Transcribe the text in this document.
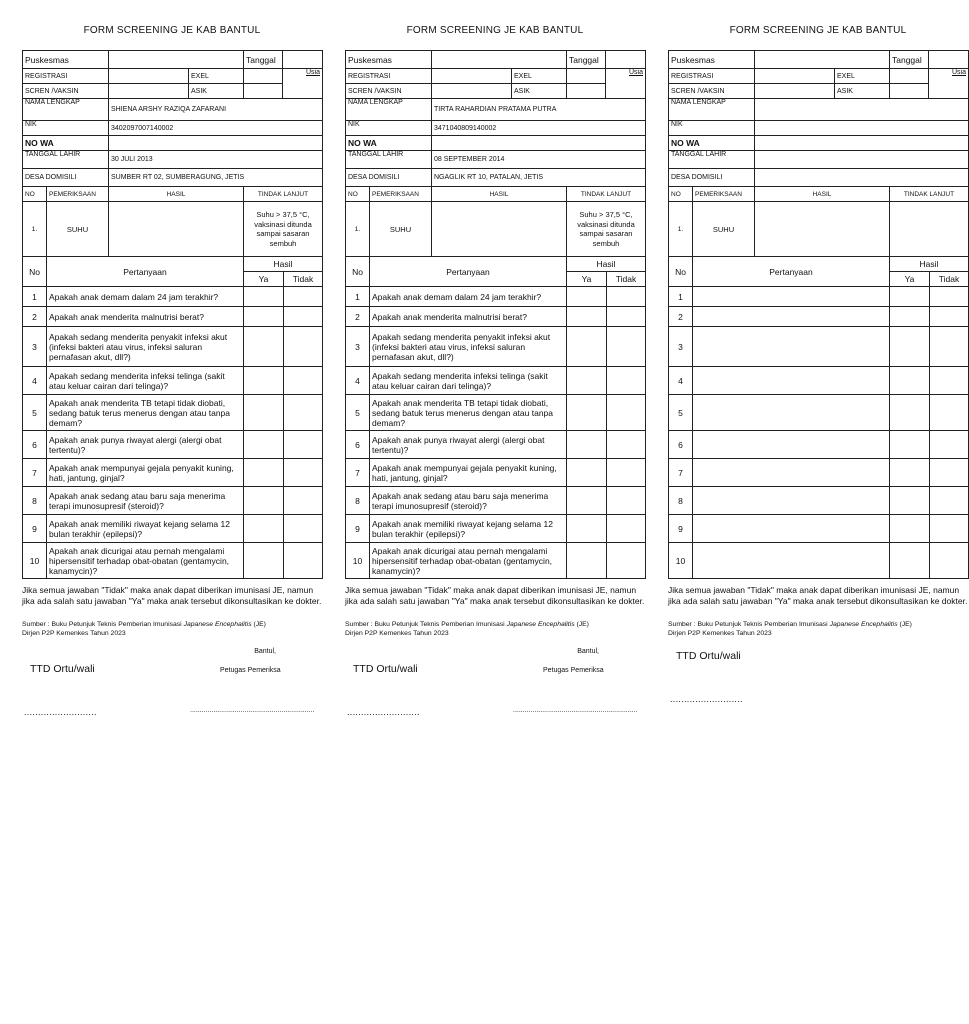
FORM SCREENING JE KAB BANTUL
Puskesmas			Tanggal	
REGISTRASI		EXEL		Usia
SCREN /VAKSIN		ASIK		
NAMA LENGKAP	SHIENA ARSHY RAZIQA ZAFARANI			
NIK	3402097007140002			
NO WA				
TANGGAL LAHIR	30 JULI 2013			
DESA DOMISILI	SUMBER RT 02, SUMBERAGUNG, JETIS			
NO	PEMERIKSAAN	HASIL	TINDAK LANJUT
1.	SUHU		Suhu > 37,5 °C, vaksinasi ditunda sampai sasaran sembuh
No	Pertanyaan	Hasil	
		Ya	Tidak
1	Apakah anak demam dalam 24 jam terakhir?		
2	Apakah anak menderita malnutrisi berat?		
3	Apakah sedang menderita penyakit infeksi akut (infeksi bakteri atau virus, infeksi saluran pernafasan akut, dll?)		
4	Apakah sedang menderita infeksi telinga (sakit atau keluar cairan dari telinga)?		
5	Apakah anak menderita TB tetapi tidak diobati, sedang batuk terus menerus dengan atau tanpa demam?		
6	Apakah anak punya riwayat alergi (alergi obat tertentu)?		
7	Apakah anak mempunyai gejala penyakit kuning, hati, jantung, ginjal?		
8	Apakah anak sedang atau baru saja menerima terapi imunosupresif (steroid)?		
9	Apakah anak memiliki riwayat kejang selama 12 bulan terakhir (epilepsi)?		
10	Apakah anak dicurigai atau pernah mengalami hipersensitif terhadap obat-obatan (gentamycin, kanamycin)?		
Jika semua jawaban "Tidak" maka anak dapat diberikan imunisasi JE, namun jika ada salah satu jawaban "Ya" maka anak tersebut dikonsultasikan ke dokter.
Sumber : Buku Petunjuk Teknis Pemberian Imunisasi Japanese Encephalitis (JE)
Dirjen P2P Kemenkes Tahun 2023
Bantul,
TTD Ortu/wali	Petugas Pemeriksa
..........................	................................................................
FORM SCREENING JE KAB BANTUL
Puskesmas			Tanggal	
REGISTRASI		EXEL		Usia
SCREN /VAKSIN		ASIK		
NAMA LENGKAP	TIRTA RAHARDIAN PRATAMA PUTRA			
NIK	3471040809140002			
NO WA				
TANGGAL LAHIR	08 SEPTEMBER 2014			
DESA DOMISILI	NGAGLIK RT 10, PATALAN, JETIS			
NO	PEMERIKSAAN	HASIL	TINDAK LANJUT
1.	SUHU		Suhu > 37,5 °C, vaksinasi ditunda sampai sasaran sembuh
No	Pertanyaan	Hasil	
		Ya	Tidak
1	Apakah anak demam dalam 24 jam terakhir?		
2	Apakah anak menderita malnutrisi berat?		
3	Apakah sedang menderita penyakit infeksi akut (infeksi bakteri atau virus, infeksi saluran pernafasan akut, dll?)		
4	Apakah sedang menderita infeksi telinga (sakit atau keluar cairan dari telinga)?		
5	Apakah anak menderita TB tetapi tidak diobati, sedang batuk terus menerus dengan atau tanpa demam?		
6	Apakah anak punya riwayat alergi (alergi obat tertentu)?		
7	Apakah anak mempunyai gejala penyakit kuning, hati, jantung, ginjal?		
8	Apakah anak sedang atau baru saja menerima terapi imunosupresif (steroid)?		
9	Apakah anak memiliki riwayat kejang selama 12 bulan terakhir (epilepsi)?		
10	Apakah anak dicurigai atau pernah mengalami hipersensitif terhadap obat-obatan (gentamycin, kanamycin)?		
Jika semua jawaban "Tidak" maka anak dapat diberikan imunisasi JE, namun jika ada salah satu jawaban "Ya" maka anak tersebut dikonsultasikan ke dokter.
Sumber : Buku Petunjuk Teknis Pemberian Imunisasi Japanese Encephalitis (JE)
Dirjen P2P Kemenkes Tahun 2023
Bantul,
TTD Ortu/wali	Petugas Pemeriksa
..........................	................................................................
FORM SCREENING JE KAB BANTUL
Puskesmas			Tanggal	
REGISTRASI		EXEL		Usia
SCREN /VAKSIN		ASIK		
NAMA LENGKAP				
NIK				
NO WA				
TANGGAL LAHIR				
DESA DOMISILI				
NO	PEMERIKSAAN	HASIL	TINDAK LANJUT
1.	SUHU		
No	Pertanyaan	Hasil	
		Ya	Tidak
1			
2			
3			
4			
5			
6			
7			
8			
9			
10			
Jika semua jawaban "Tidak" maka anak dapat diberikan imunisasi JE, namun jika ada salah satu jawaban "Ya" maka anak tersebut dikonsultasikan ke dokter.
Sumber : Buku Petunjuk Teknis Pemberian Imunisasi Japanese Encephalitis (JE)
Dirjen P2P Kemenkes Tahun 2023
TTD Ortu/wali
..........................
